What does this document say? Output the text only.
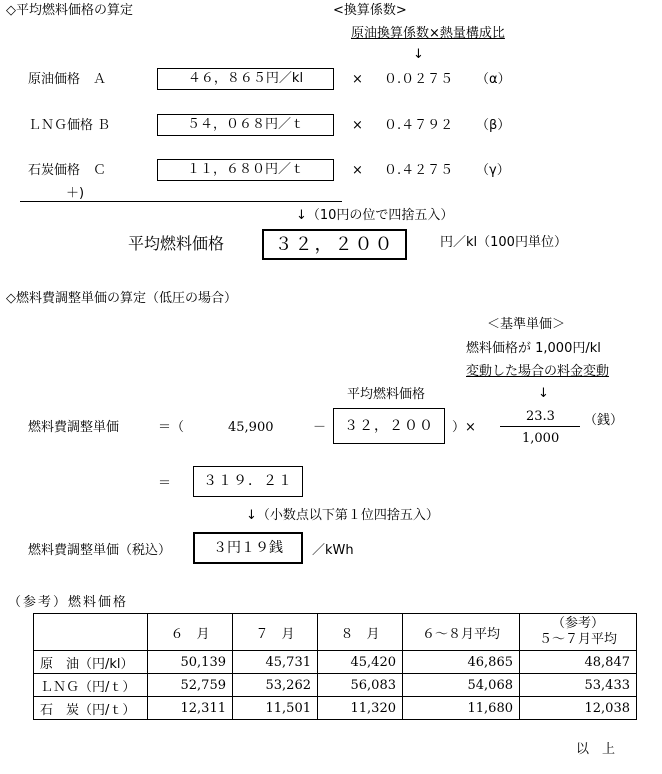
◇平均燃料価格の算定	<換算係数>
原油換算係数×熱量構成比
↓
原油価格　Ａ	４６，８６５円／kl	× ０.０２７５ （α）
ＬＮＧ価格 Ｂ	５４，０６８円／ｔ	× ０.４７９２ （β）
石炭価格　Ｃ	１１，６８０円／ｔ	× ０.４２７５ （γ）
＋)
↓（10円の位で四捨五入）
平均燃料価格	３２，２００	円／kl（100円単位）
◇燃料費調整単価の算定（低圧の場合）
＜基準単価＞
燃料価格が 1,000円/kl
変動した場合の料金変動
↓
平均燃料価格
燃料費調整単価	＝（	45,900	－	３２，２００	）×
23.3
1,000
（銭）
＝	３１９．２１
↓（小数点以下第１位四捨五入）
燃料費調整単価（税込）	３円１９銭	／kWh
（参考）燃料価格
	６　月	７　月	８　月	６～８月平均	（参考）
５～７月平均

原　油（円/kl）	50,139	45,731	45,420	46,865	48,847
ＬＮＧ（円/ｔ）	52,759	53,262	56,083	54,068	53,433
石　炭（円/ｔ）	12,311	11,501	11,320	11,680	12,038
以　上
